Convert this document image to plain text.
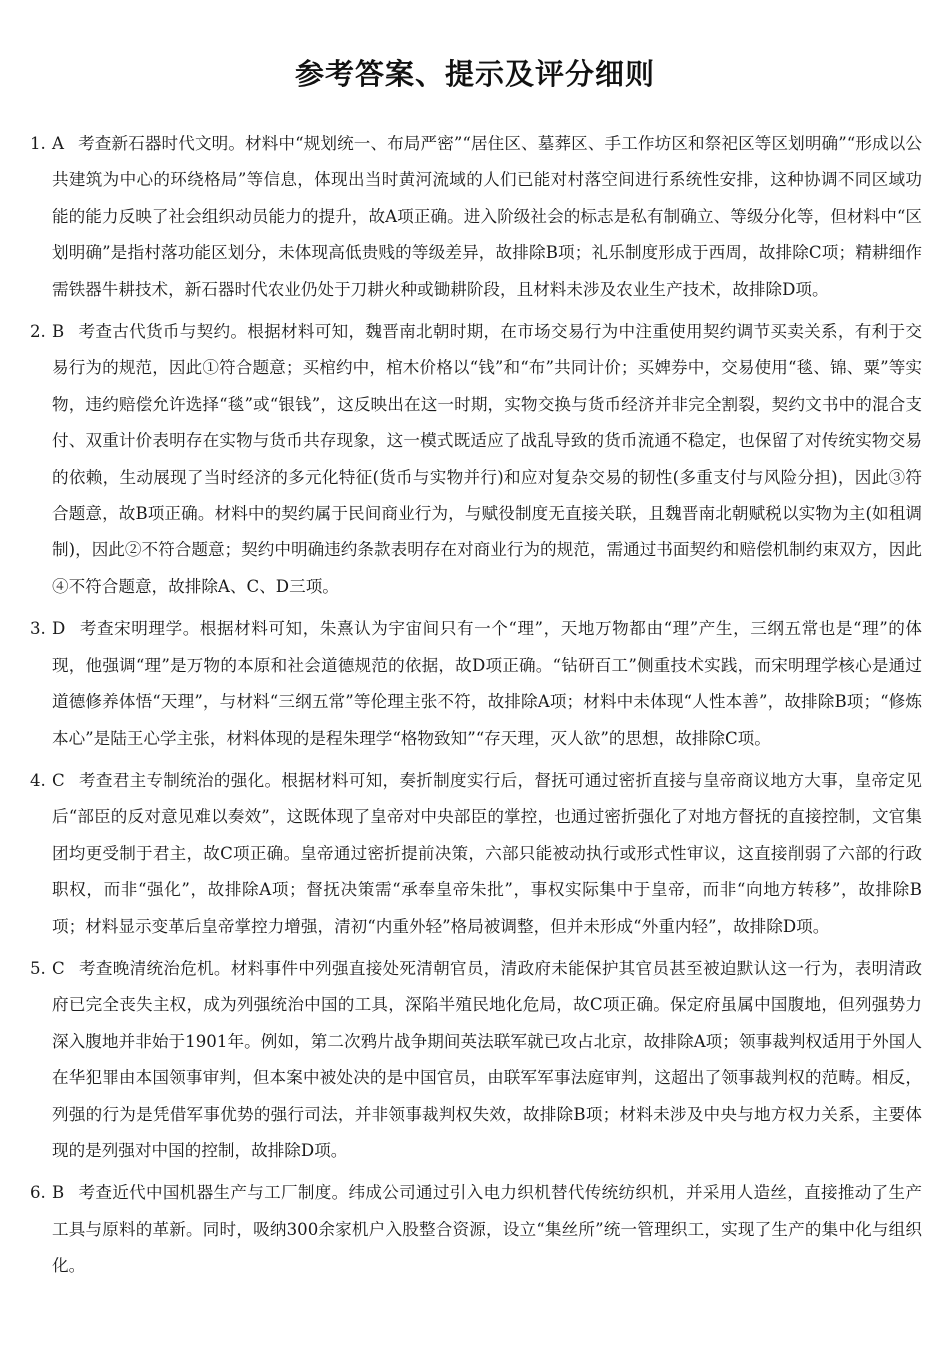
参考答案、提示及评分细则

1. A 考查新石器时代文明。材料中“规划统一、布局严密”“居住区、墓葬区、手工作坊区和祭祀区等区划明确”“形成以公共建筑为中心的环绕格局”等信息，体现出当时黄河流域的人们已能对村落空间进行系统性安排，这种协调不同区域功能的能力反映了社会组织动员能力的提升，故A项正确。进入阶级社会的标志是私有制确立、等级分化等，但材料中“区划明确”是指村落功能区划分，未体现高低贵贱的等级差异，故排除B项；礼乐制度形成于西周，故排除C项；精耕细作需铁器牛耕技术，新石器时代农业仍处于刀耕火种或锄耕阶段，且材料未涉及农业生产技术，故排除D项。

2. B 考查古代货币与契约。根据材料可知，魏晋南北朝时期，在市场交易行为中注重使用契约调节买卖关系，有利于交易行为的规范，因此①符合题意；买棺约中，棺木价格以“钱”和“布”共同计价；买婢券中，交易使用“毯、锦、粟”等实物，违约赔偿允许选择“毯”或“银钱”，这反映出在这一时期，实物交换与货币经济并非完全割裂，契约文书中的混合支付、双重计价表明存在实物与货币共存现象，这一模式既适应了战乱导致的货币流通不稳定，也保留了对传统实物交易的依赖，生动展现了当时经济的多元化特征(货币与实物并行)和应对复杂交易的韧性(多重支付与风险分担)，因此③符合题意，故B项正确。材料中的契约属于民间商业行为，与赋役制度无直接关联，且魏晋南北朝赋税以实物为主(如租调制)，因此②不符合题意；契约中明确违约条款表明存在对商业行为的规范，需通过书面契约和赔偿机制约束双方，因此④不符合题意，故排除A、C、D三项。

3. D 考查宋明理学。根据材料可知，朱熹认为宇宙间只有一个“理”，天地万物都由“理”产生，三纲五常也是“理”的体现，他强调“理”是万物的本原和社会道德规范的依据，故D项正确。“钻研百工”侧重技术实践，而宋明理学核心是通过道德修养体悟“天理”，与材料“三纲五常”等伦理主张不符，故排除A项；材料中未体现“人性本善”，故排除B项；“修炼本心”是陆王心学主张，材料体现的是程朱理学“格物致知”“存天理，灭人欲”的思想，故排除C项。

4. C 考查君主专制统治的强化。根据材料可知，奏折制度实行后，督抚可通过密折直接与皇帝商议地方大事，皇帝定见后“部臣的反对意见难以奏效”，这既体现了皇帝对中央部臣的掌控，也通过密折强化了对地方督抚的直接控制，文官集团均更受制于君主，故C项正确。皇帝通过密折提前决策，六部只能被动执行或形式性审议，这直接削弱了六部的行政职权，而非“强化”，故排除A项；督抚决策需“承奉皇帝朱批”，事权实际集中于皇帝，而非“向地方转移”，故排除B项；材料显示变革后皇帝掌控力增强，清初“内重外轻”格局被调整，但并未形成“外重内轻”，故排除D项。

5. C 考查晚清统治危机。材料事件中列强直接处死清朝官员，清政府未能保护其官员甚至被迫默认这一行为，表明清政府已完全丧失主权，成为列强统治中国的工具，深陷半殖民地化危局，故C项正确。保定府虽属中国腹地，但列强势力深入腹地并非始于1901年。例如，第二次鸦片战争期间英法联军就已攻占北京，故排除A项；领事裁判权适用于外国人在华犯罪由本国领事审判，但本案中被处决的是中国官员，由联军军事法庭审判，这超出了领事裁判权的范畴。相反，列强的行为是凭借军事优势的强行司法，并非领事裁判权失效，故排除B项；材料未涉及中央与地方权力关系，主要体现的是列强对中国的控制，故排除D项。

6. B 考查近代中国机器生产与工厂制度。纬成公司通过引入电力织机替代传统纺织机，并采用人造丝，直接推动了生产工具与原料的革新。同时，吸纳300余家机户入股整合资源，设立“集丝所”统一管理织工，实现了生产的集中化与组织化。
